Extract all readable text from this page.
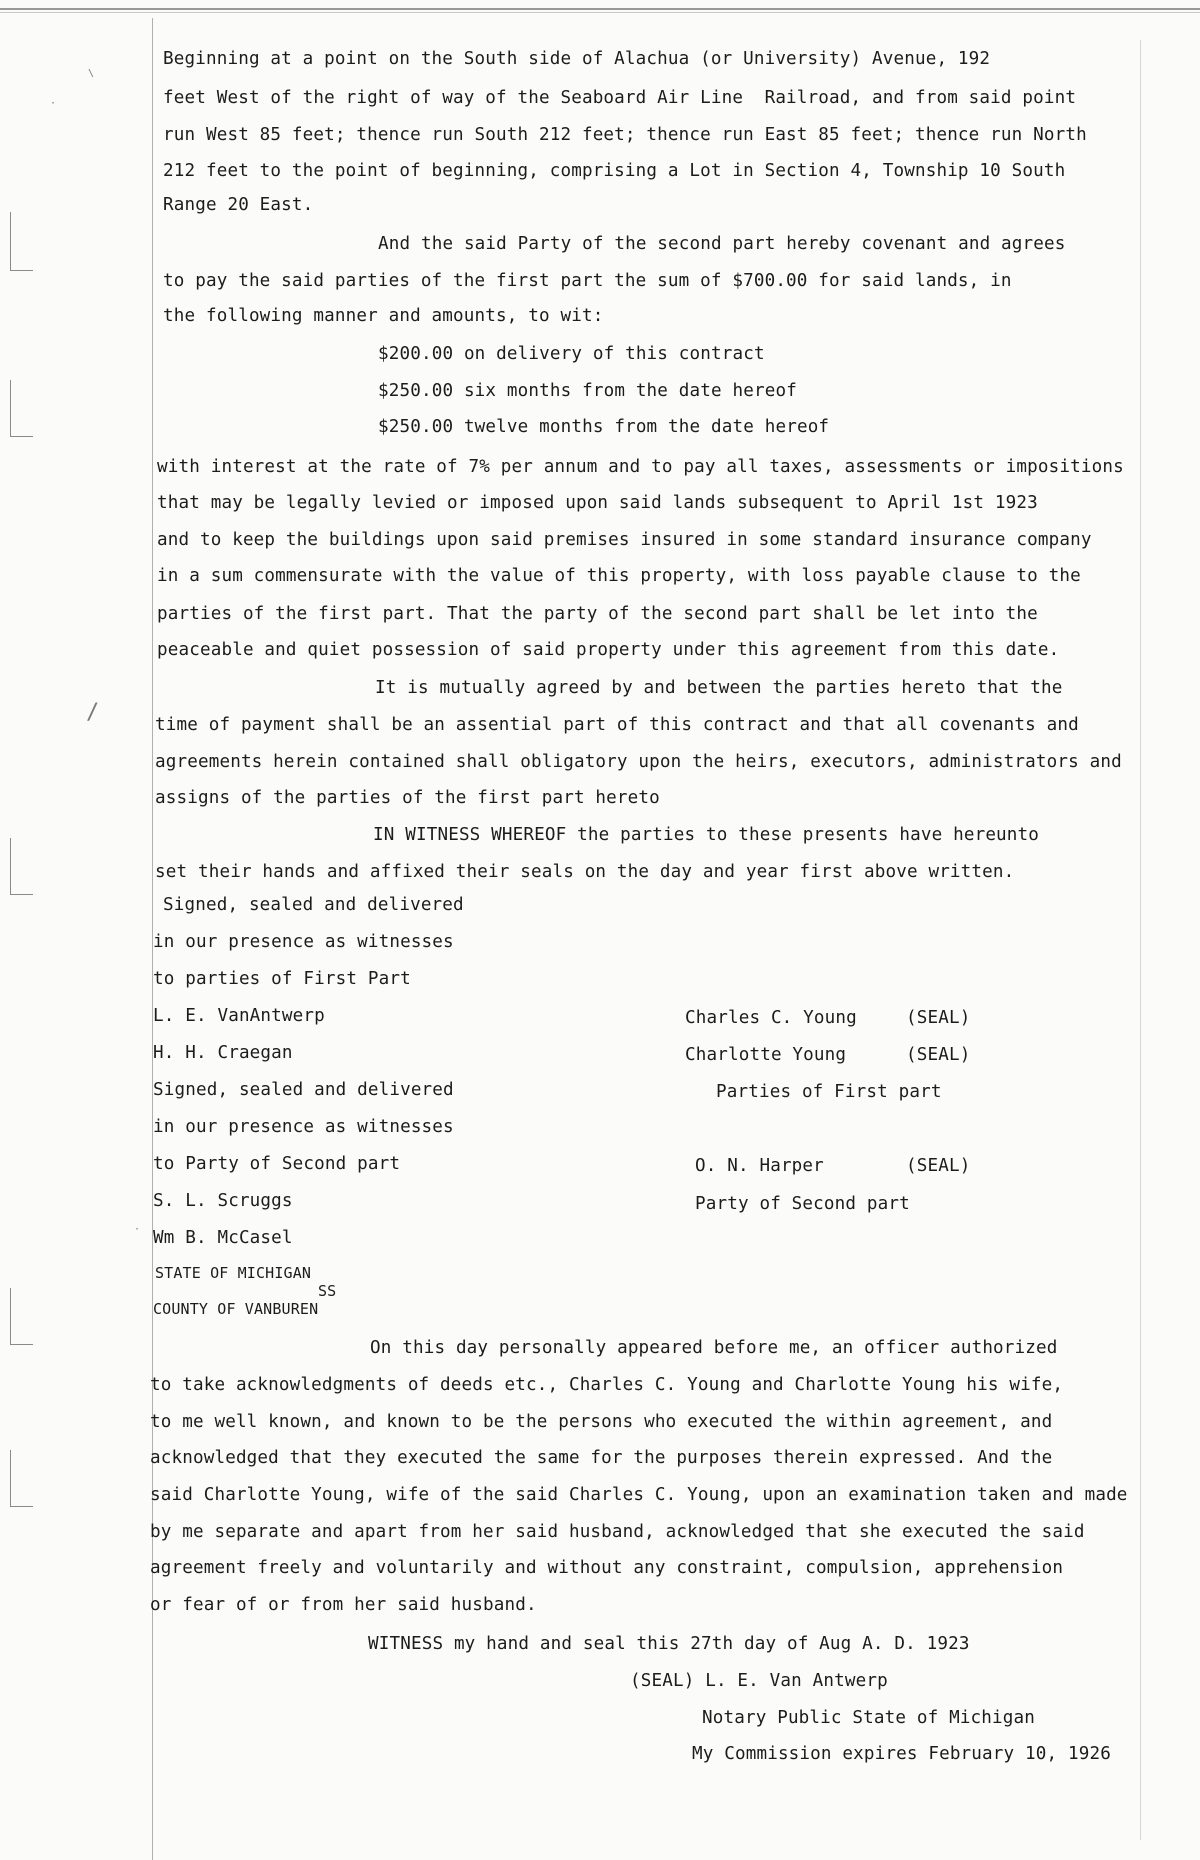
\
·
/
·
Beginning at a point on the South side of Alachua (or University) Avenue, 192
feet West of the right of way of the Seaboard Air Line  Railroad, and from said point
run West 85 feet; thence run South 212 feet; thence run East 85 feet; thence run North
212 feet to the point of beginning, comprising a Lot in Section 4, Township 10 South
Range 20 East.
And the said Party of the second part hereby covenant and agrees
to pay the said parties of the first part the sum of $700.00 for said lands, in
the following manner and amounts, to wit:
$200.00 on delivery of this contract
$250.00 six months from the date hereof
$250.00 twelve months from the date hereof
with interest at the rate of 7% per annum and to pay all taxes, assessments or impositions
that may be legally levied or imposed upon said lands subsequent to April 1st 1923
and to keep the buildings upon said premises insured in some standard insurance company
in a sum commensurate with the value of this property, with loss payable clause to the
parties of the first part. That the party of the second part shall be let into the
peaceable and quiet possession of said property under this agreement from this date.
It is mutually agreed by and between the parties hereto that the
time of payment shall be an assential part of this contract and that all covenants and
agreements herein contained shall obligatory upon the heirs, executors, administrators and
assigns of the parties of the first part hereto
IN WITNESS WHEREOF the parties to these presents have hereunto
set their hands and affixed their seals on the day and year first above written.
Signed, sealed and delivered
in our presence as witnesses
to parties of First Part
L. E. VanAntwerp
H. H. Craegan
Signed, sealed and delivered
in our presence as witnesses
to Party of Second part
S. L. Scruggs
Wm B. McCasel
Charles C. Young	(SEAL)
Charlotte Young	(SEAL)
Parties of First part
O. N. Harper	(SEAL)
Party of Second part
STATE OF MICHIGAN
SS
COUNTY OF VANBUREN
On this day personally appeared before me, an officer authorized
to take acknowledgments of deeds etc., Charles C. Young and Charlotte Young his wife,
to me well known, and known to be the persons who executed the within agreement, and
acknowledged that they executed the same for the purposes therein expressed. And the
said Charlotte Young, wife of the said Charles C. Young, upon an examination taken and made
by me separate and apart from her said husband, acknowledged that she executed the said
agreement freely and voluntarily and without any constraint, compulsion, apprehension
or fear of or from her said husband.
WITNESS my hand and seal this 27th day of Aug A. D. 1923
(SEAL) L. E. Van Antwerp
Notary Public State of Michigan
My Commission expires February 10, 1926
